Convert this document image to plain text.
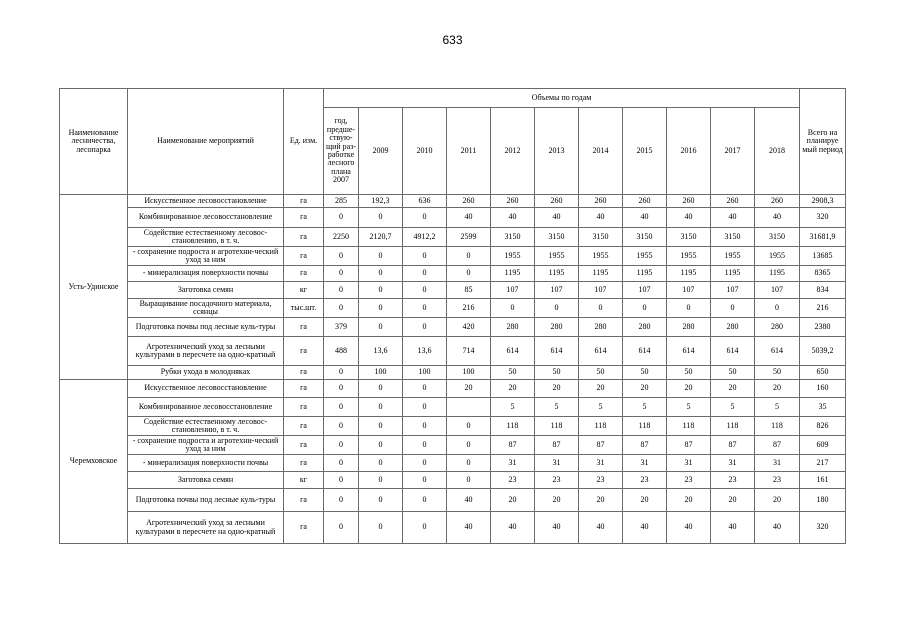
633
Наименование лесничества, лесопарка	Наименование мероприятий	Ед. изм.	Объемы по годам											Всего на планируе мый период
			год, предше-ствую-щий раз-работке лесного плана 2007	2009	2010	2011	2012	2013	2014	2015	2016	2017	2018	
Усть-Удинское	Искусственное лесовосстановление	га	285	192,3	636	260	260	260	260	260	260	260	260	2908,3
	Комбинированное лесовосстановление	га	0	0	0	40	40	40	40	40	40	40	40	320
	Содействие естественному лесовос-становлению, в т. ч.	га	2250	2120,7	4912,2	2599	3150	3150	3150	3150	3150	3150	3150	31681,9
	- сохранение подроста и агротехни-ческий уход за ним	га	0	0	0	0	1955	1955	1955	1955	1955	1955	1955	13685
	- минерализация поверхности почвы	га	0	0	0	0	1195	1195	1195	1195	1195	1195	1195	8365
	Заготовка семян	кг	0	0	0	85	107	107	107	107	107	107	107	834
	Выращивание посадочного материала, ссянцы	тыс.шт.	0	0	0	216	0	0	0	0	0	0	0	216
	Подготовка почвы под лесные куль-туры	га	379	0	0	420	280	280	280	280	280	280	280	2380
	Агротехнический уход за лесными культурами в пересчете на одно-кратный	га	488	13,6	13,6	714	614	614	614	614	614	614	614	5039,2
	Рубки ухода в молодняках	га	0	100	100	100	50	50	50	50	50	50	50	650
Черемховское	Искусственное лесовосстановление	га	0	0	0	20	20	20	20	20	20	20	20	160
	Комбинированное лесовосстановление	га	0	0	0		5	5	5	5	5	5	5	35
	Содействие естественному лесовос-становлению, в т. ч.	га	0	0	0	0	118	118	118	118	118	118	118	826
	- сохранение подроста и агротехни-ческий уход за ним	га	0	0	0	0	87	87	87	87	87	87	87	609
	- минерализация поверхности почвы	га	0	0	0	0	31	31	31	31	31	31	31	217
	Заготовка семян	кг	0	0	0	0	23	23	23	23	23	23	23	161
	Подготовка почвы под лесные куль-туры	га	0	0	0	40	20	20	20	20	20	20	20	180
	Агротехнический уход за лесными культурами в пересчете на одно-кратный	га	0	0	0	40	40	40	40	40	40	40	40	320
